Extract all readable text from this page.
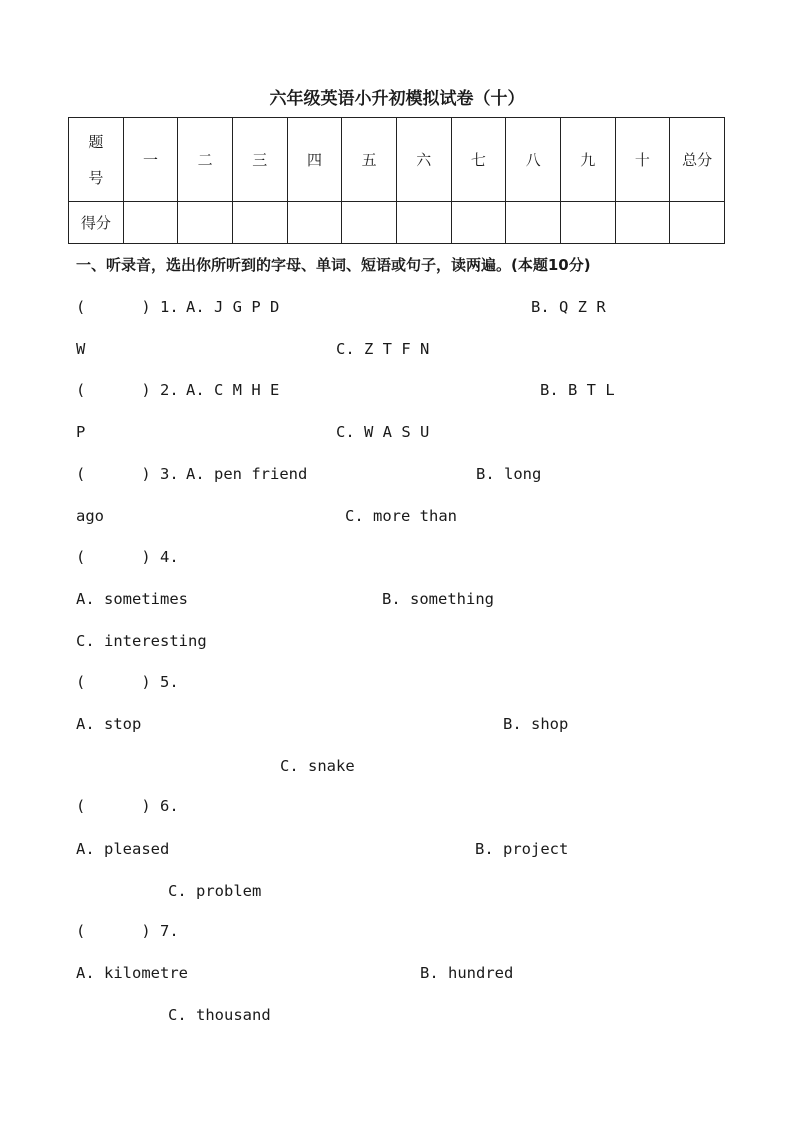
六年级英语小升初模拟试卷（十）
题
号	一	二	三	四	五	六	七	八	九	十	总分
得分											
一、听录音，选出你所听到的字母、单词、短语或句子，读两遍。(本题10分)
(      ) 1. A. J G P D	B. Q Z R
W	C. Z T F N
(      ) 2. A. C M H E	B. B T L
P	C. W A S U
(      ) 3. A. pen friend	B. long
ago	C. more than
(      ) 4.
A. sometimes	B. something
C. interesting
(      ) 5.
A. stop	B. shop
C. snake
(      ) 6.
A. pleased	B. project
C. problem
(      ) 7.
A. kilometre	B. hundred
C. thousand
